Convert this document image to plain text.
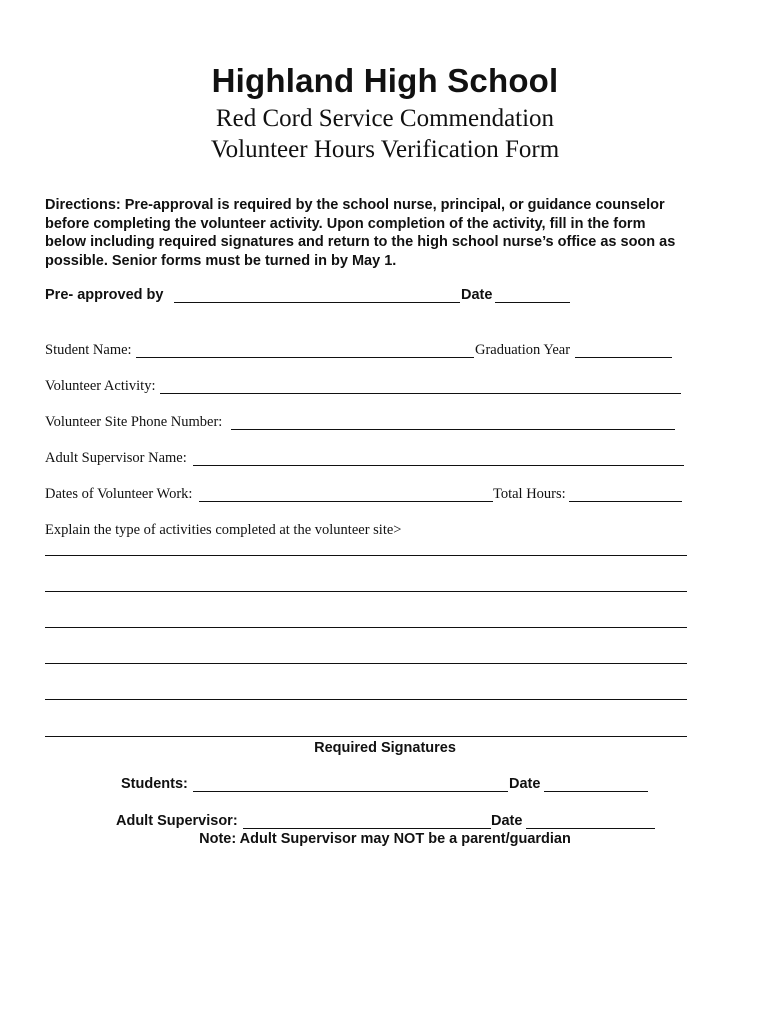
Highland High School
Red Cord Service Commendation
Volunteer Hours Verification Form
Directions: Pre-approval is required by the school nurse, principal, or guidance counselor
before completing the volunteer activity. Upon completion of the activity, fill in the form
below including required signatures and return to the high school nurse’s office as soon as
possible. Senior forms must be turned in by May 1.
Pre- approved by	Date
Student Name:	Graduation Year
Volunteer Activity:
Volunteer Site Phone Number:
Adult Supervisor Name:
Dates of Volunteer Work:	Total Hours:
Explain the type of activities completed at the volunteer site>
Required Signatures
Students:	Date
Adult Supervisor:	Date
Note: Adult Supervisor may NOT be a parent/guardian
